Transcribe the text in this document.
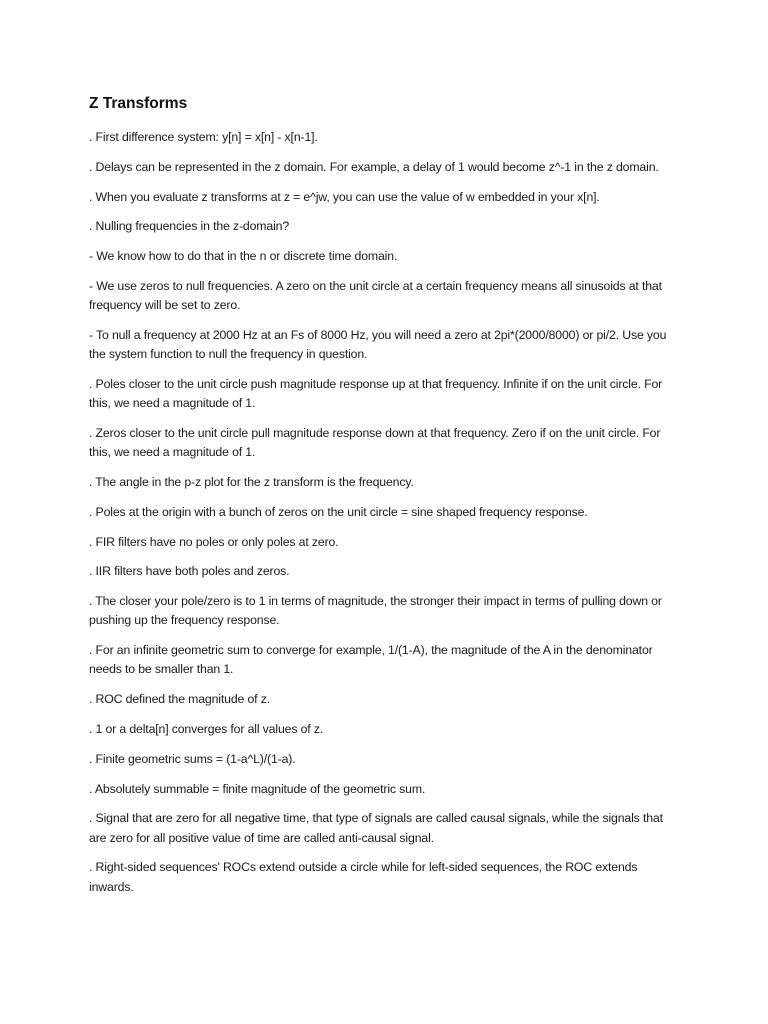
Z Transforms

. First difference system: y[n] = x[n] - x[n-1].

. Delays can be represented in the z domain. For example, a delay of 1 would become z^-1 in the z domain.

. When you evaluate z transforms at z = e^jw, you can use the value of w embedded in your x[n].

. Nulling frequencies in the z-domain?

- We know how to do that in the n or discrete time domain.

- We use zeros to null frequencies. A zero on the unit circle at a certain frequency means all sinusoids at that frequency will be set to zero.

- To null a frequency at 2000 Hz at an Fs of 8000 Hz, you will need a zero at 2pi*(2000/8000) or pi/2. Use you the system function to null the frequency in question.

. Poles closer to the unit circle push magnitude response up at that frequency. Infinite if on the unit circle. For this, we need a magnitude of 1.

. Zeros closer to the unit circle pull magnitude response down at that frequency. Zero if on the unit circle. For this, we need a magnitude of 1.

. The angle in the p-z plot for the z transform is the frequency.

. Poles at the origin with a bunch of zeros on the unit circle = sine shaped frequency response.

. FIR filters have no poles or only poles at zero.

. IIR filters have both poles and zeros.

. The closer your pole/zero is to 1 in terms of magnitude, the stronger their impact in terms of pulling down or pushing up the frequency response.

. For an infinite geometric sum to converge for example, 1/(1-A), the magnitude of the A in the denominator needs to be smaller than 1.

. ROC defined the magnitude of z.

. 1 or a delta[n] converges for all values of z.

. Finite geometric sums = (1-a^L)/(1-a).

. Absolutely summable = finite magnitude of the geometric sum.

. Signal that are zero for all negative time, that type of signals are called causal signals, while the signals that are zero for all positive value of time are called anti-causal signal.

. Right-sided sequences' ROCs extend outside a circle while for left-sided sequences, the ROC extends inwards.
